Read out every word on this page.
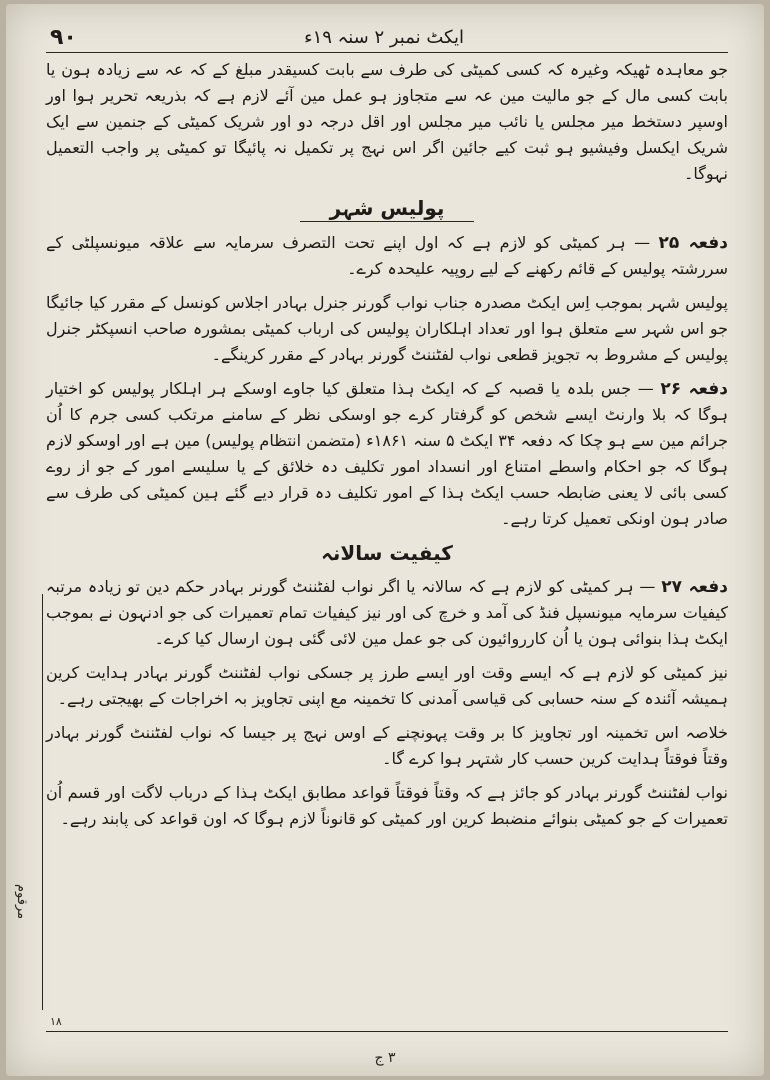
۹۰	ایکٹ نمبر ۲ سنہ ۱۹ء

جو معاہدہ ٹھیکہ وغیرہ کہ کسی کمیٹی کی طرف سے بابت کسیقدر مبلغ کے کہ عہ سے زیادہ ہون یا بابت کسی مال کے جو مالیت مین عہ سے متجاوز ہو عمل مین آئے لازم ہے کہ بذریعہ تحریر ہوا اور اوسپر دستخط میر مجلس یا نائب میر مجلس اور اقل درجہ دو اور شریک کمیٹی کے جنمین سے ایک شریک ایکسل وفیشیو ہو ثبت کیے جائین اگر اس نہج پر تکمیل نہ پائیگا تو کمیٹی پر واجب التعمیل نہوگا۔

پولیس شہر

دفعہ ۲۵ — ہر کمیٹی کو لازم ہے کہ اول اپنے تحت التصرف سرمایہ سے علاقہ میونسپلٹی کے سررشتہ پولیس کے قائم رکھنے کے لیے روپیہ علیحدہ کرے۔

پولیس شہر بموجب اِس ایکٹ مصدرہ جناب نواب گورنر جنرل بہادر اجلاس کونسل کے مقرر کیا جائیگا جو اس شہر سے متعلق ہوا اور تعداد اہلکاران پولیس کی ارباب کمیٹی بمشورہ صاحب انسپکٹر جنرل پولیس کے مشروط بہ تجویز قطعی نواب لفٹننٹ گورنر بہادر کے مقرر کرینگے۔

دفعہ ۲۶ — جس بلدہ یا قصبہ کے کہ ایکٹ ہذا متعلق کیا جاوے اوسکے ہر اہلکار پولیس کو اختیار ہوگا کہ بلا وارنٹ ایسے شخص کو گرفتار کرے جو اوسکی نظر کے سامنے مرتکب کسی جرم کا اُن جرائم مین سے ہو چکا کہ دفعہ ۳۴ ایکٹ ۵ سنہ ۱۸۶۱ء (متضمن انتظام پولیس) مین ہے اور اوسکو لازم ہوگا کہ جو احکام واسطے امتناع اور انسداد امور تکلیف دہ خلائق کے یا سلیسے امور کے جو از روے کسی بائی لا یعنی ضابطہ حسب ایکٹ ہذا کے امور تکلیف دہ قرار دیے گئے ہین کمیٹی کی طرف سے صادر ہون اونکی تعمیل کرتا رہے۔

کیفیت سالانہ

دفعہ ۲۷ — ہر کمیٹی کو لازم ہے کہ سالانہ یا اگر نواب لفٹننٹ گورنر بہادر حکم دین تو زیادہ مرتبہ کیفیات سرمایہ میونسپل فنڈ کی آمد و خرچ کی اور نیز کیفیات تمام تعمیرات کی جو ادنہون نے بموجب ایکٹ ہذا بنوائی ہون یا اُن کارروائیون کی جو عمل مین لائی گئی ہون ارسال کیا کرے۔

نیز کمیٹی کو لازم ہے کہ ایسے وقت اور ایسے طرز پر جسکی نواب لفٹننٹ گورنر بہادر ہدایت کرین ہمیشہ آئندہ کے سنہ حسابی کی قیاسی آمدنی کا تخمینہ مع اپنی تجاویز بہ اخراجات کے بھیجتی رہے۔

خلاصہ اس تخمینہ اور تجاویز کا بر وقت پہونچنے کے اوس نہج پر جیسا کہ نواب لفٹننٹ گورنر بہادر وقتاً فوقتاً ہدایت کرین حسب کار شتہر ہوا کرے گا۔

نواب لفٹننٹ گورنر بہادر کو جائز ہے کہ وقتاً فوقتاً قواعد مطابق ایکٹ ہذا کے درباب لاگت اور قسم اُن تعمیرات کے جو کمیٹی بنوائے منضبط کرین اور کمیٹی کو قانوناً لازم ہوگا کہ اون قواعد کی پابند رہے۔

مرقوم
۱۸
۳ ج
